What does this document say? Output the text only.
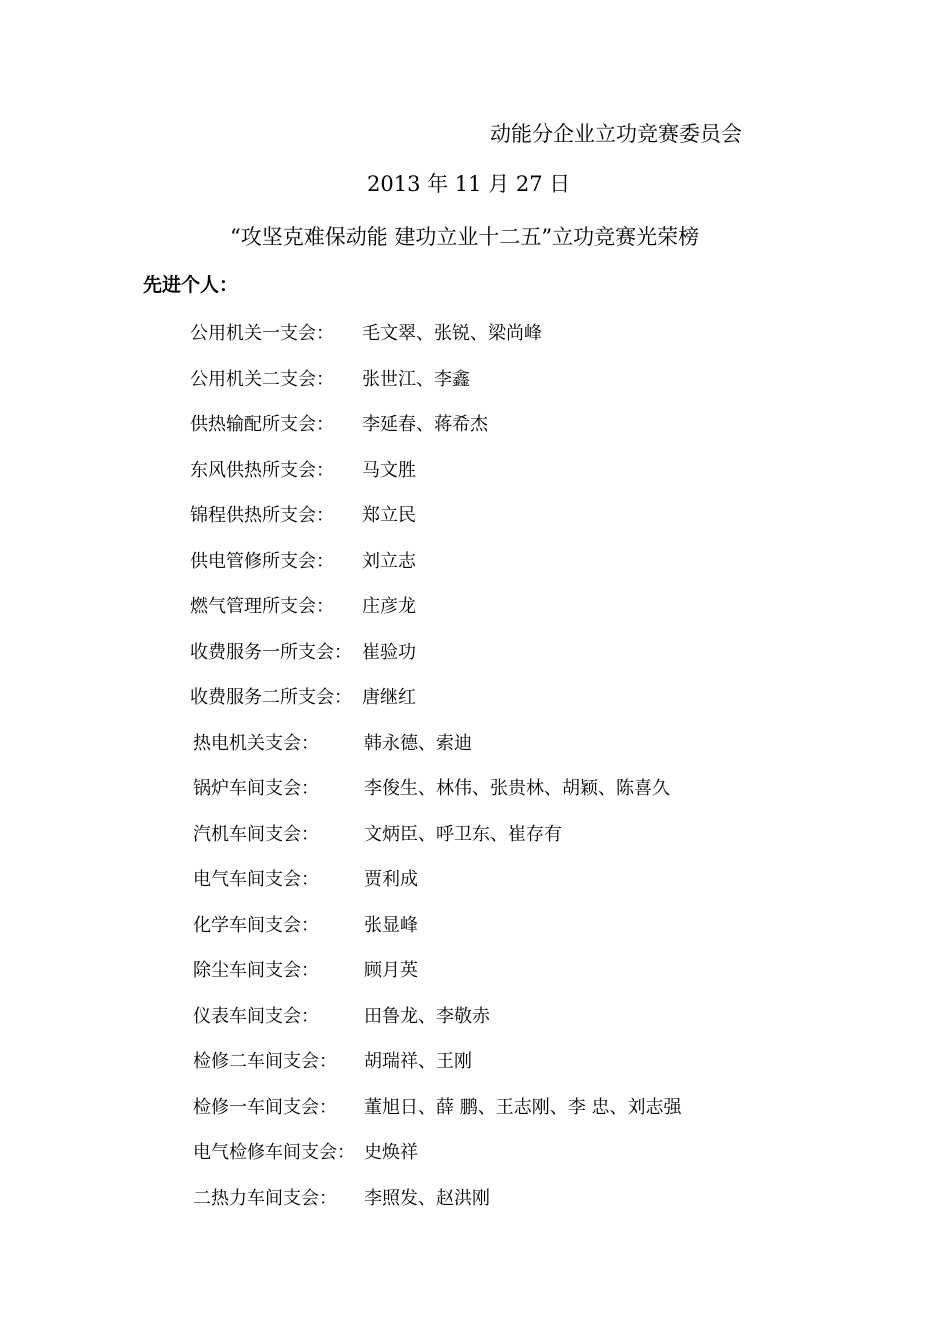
动能分企业立功竞赛委员会
2013 年 11 月 27 日
“攻坚克难保动能 建功立业十二五”立功竞赛光荣榜
先进个人：
公用机关一支会： 毛文翠、张锐、梁尚峰
公用机关二支会： 张世江、李鑫
供热输配所支会： 李延春、蒋希杰
东风供热所支会： 马文胜
锦程供热所支会： 郑立民
供电管修所支会： 刘立志
燃气管理所支会： 庄彦龙
收费服务一所支会： 崔验功
收费服务二所支会： 唐继红
热电机关支会：	韩永德、索迪
锅炉车间支会：	李俊生、林伟、张贵林、胡颖、陈喜久
汽机车间支会：	文炳臣、呼卫东、崔存有
电气车间支会：	贾利成
化学车间支会：	张显峰
除尘车间支会：	顾月英
仪表车间支会：	田鲁龙、李敬赤
检修二车间支会： 胡瑞祥、王刚
检修一车间支会： 董旭日、薛 鹏、王志刚、李 忠、刘志强
电气检修车间支会： 史焕祥
二热力车间支会： 李照发、赵洪刚
